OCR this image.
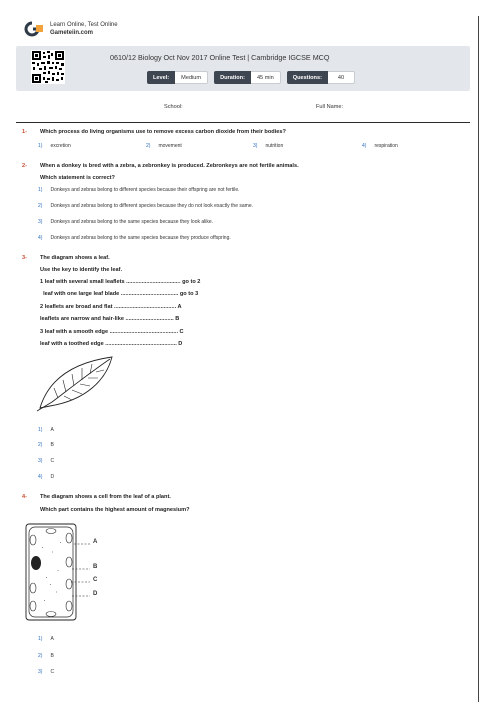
Learn Online, Test Online
Gameteiin.com
0610/12 Biology Oct Nov 2017 Online Test | Cambridge IGCSE MCQ
Level:	Medium	Duration:	45 min	Questions:	40
School:	Full Name:
1- Which process do living organisms use to remove excess carbon dioxide from their bodies?
1) excretion	2) movement	3) nutrition	4) respiration
2- When a donkey is bred with a zebra, a zebronkey is produced. Zebronkeys are not fertile animals.
Which statement is correct?
1) Donkeys and zebras belong to different species because their offspring are not fertile.
2) Donkeys and zebras belong to different species because they do not look exactly the same.
3) Donkeys and zebras belong to the same species because they look alike.
4) Donkeys and zebras belong to the same species because they produce offspring.
3- The diagram shows a leaf.
Use the key to identify the leaf.
1 leaf with several small leaflets ................................... go to 2
leaf with one large leaf blade ..................................... go to 3
2 leaflets are broad and flat ........................................ A
leaflets are narrow and hair-like ............................... B
3 leaf with a smooth edge ............................................ C
leaf with a toothed edge .............................................. D
1) A
2) B
3) C
4) D
4- The diagram shows a cell from the leaf of a plant.
Which part contains the highest amount of magnesium?
A
B
C
D
1) A
2) B
3) C
